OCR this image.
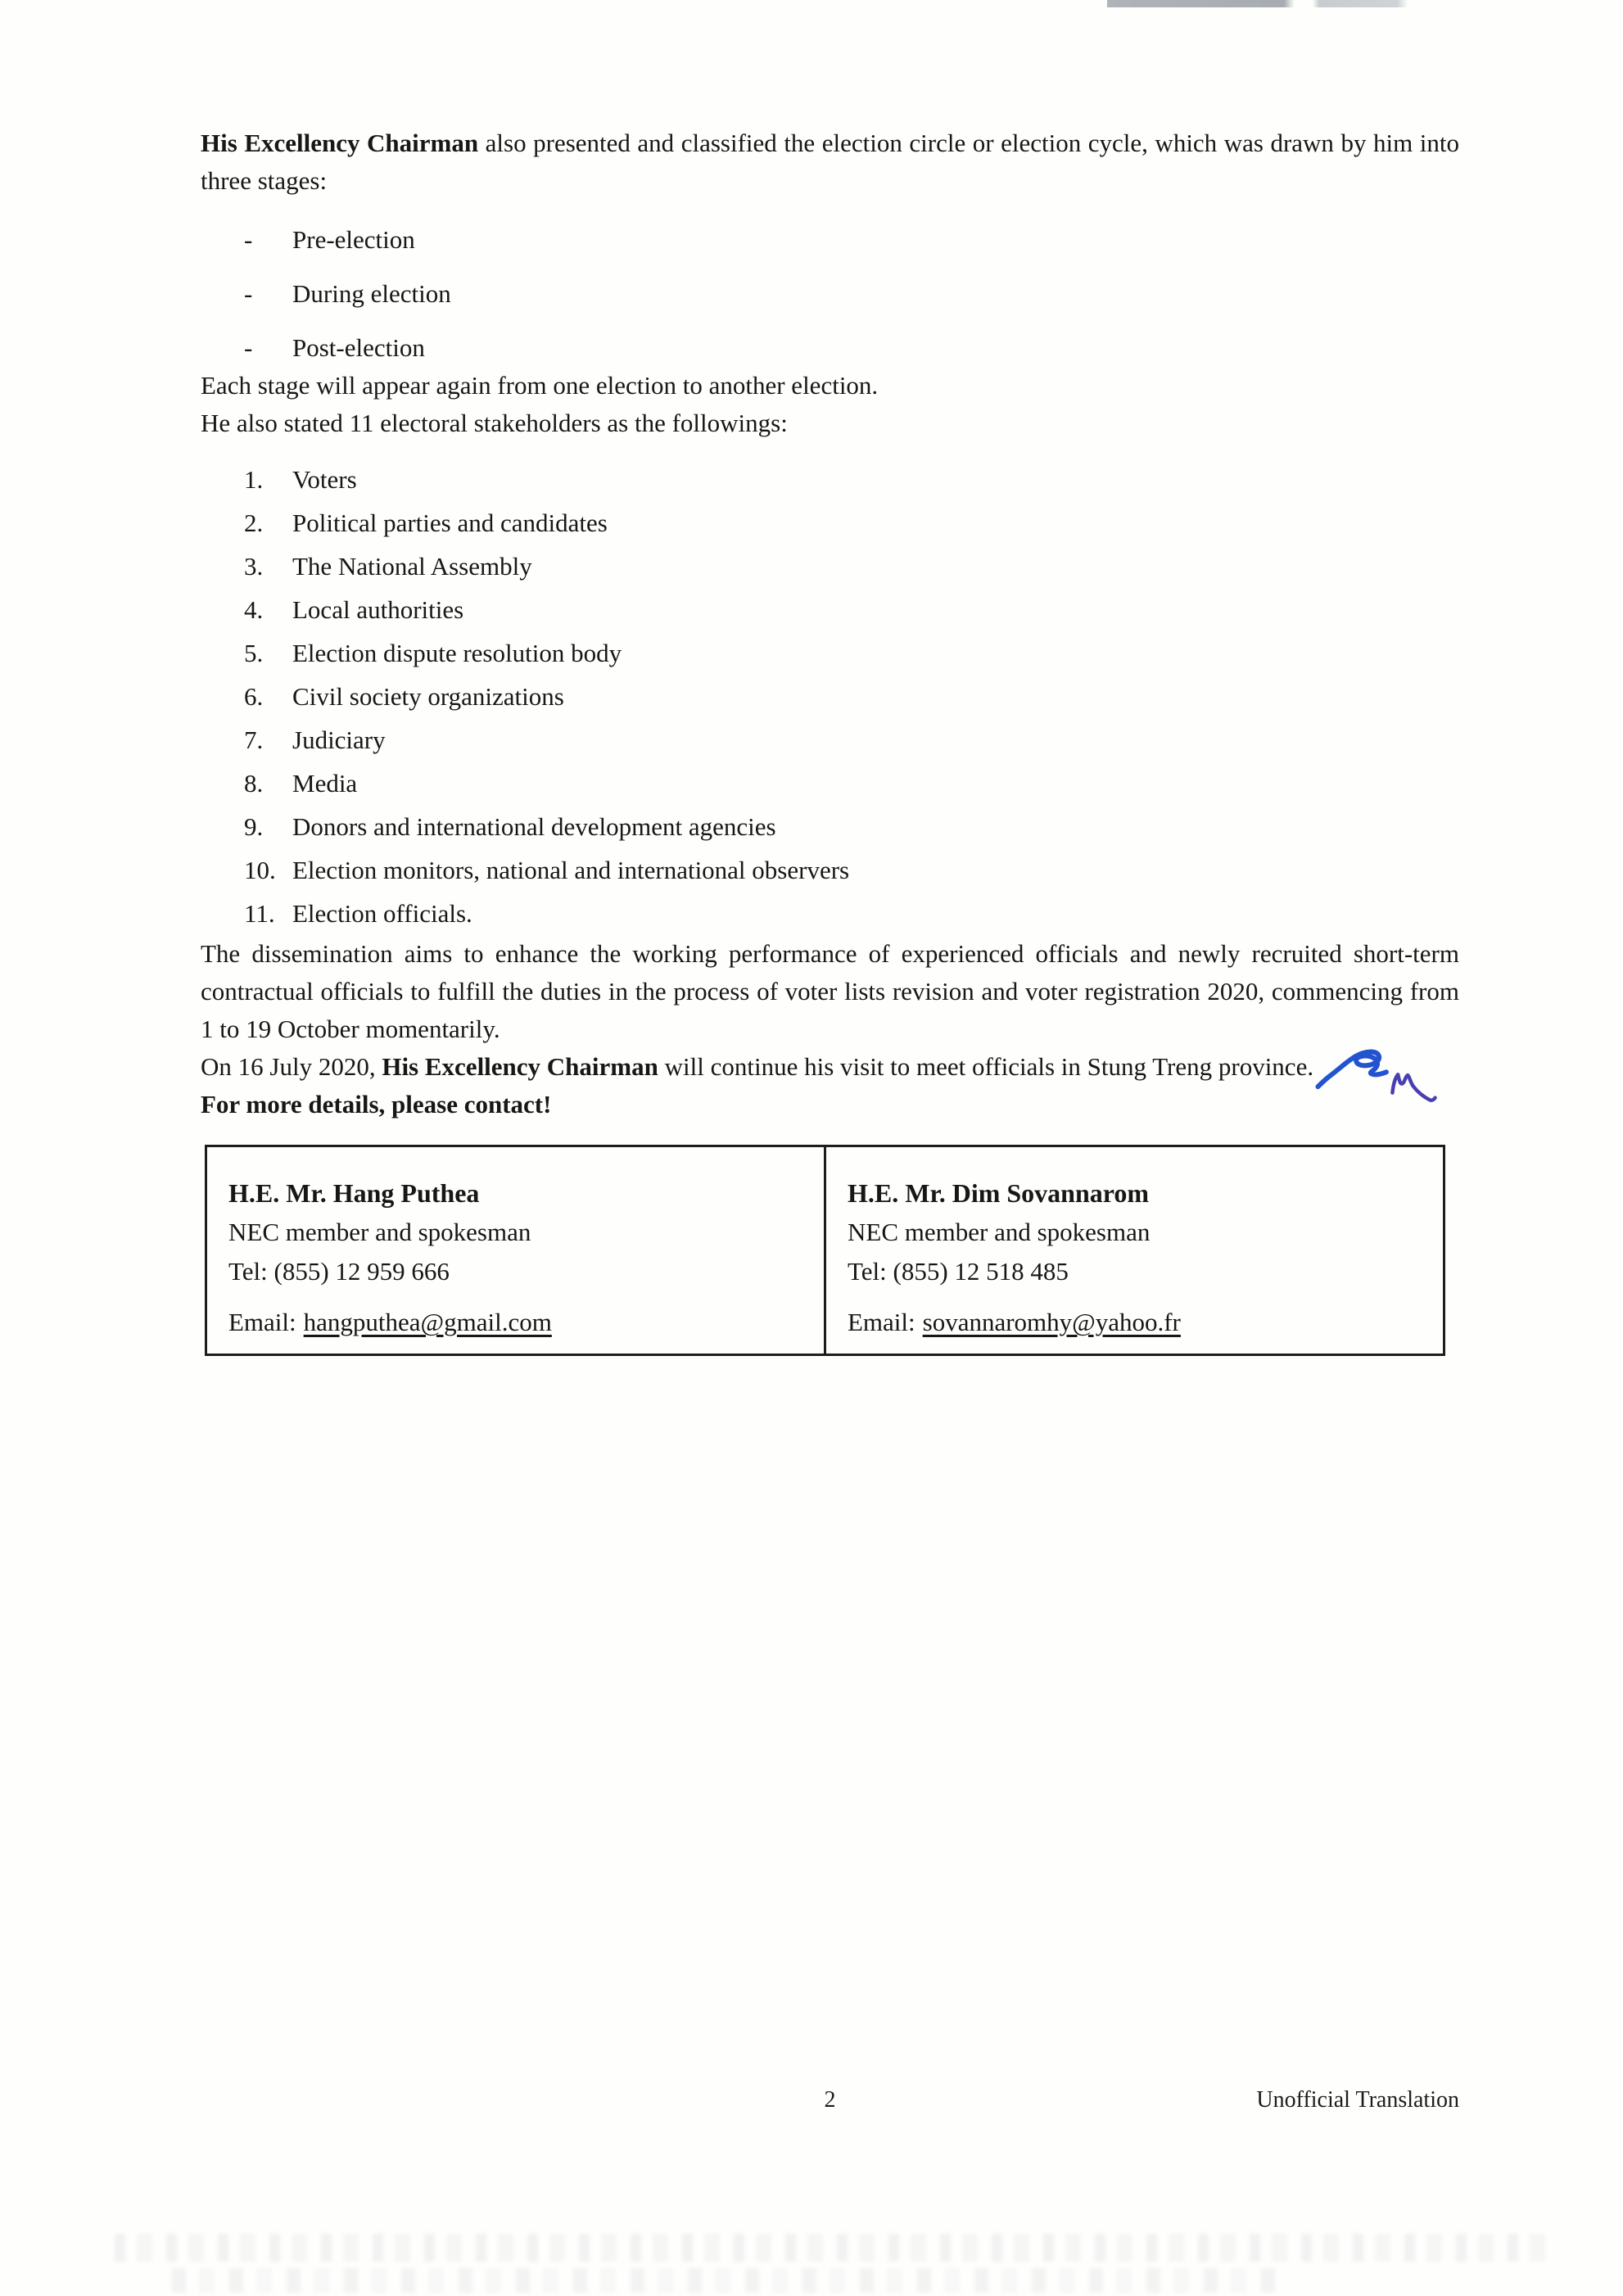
His Excellency Chairman also presented and classified the election circle or election cycle, which was drawn by him into three stages:

- Pre-election
- During election
- Post-election

Each stage will appear again from one election to another election.

He also stated 11 electoral stakeholders as the followings:

1. Voters
2. Political parties and candidates
3. The National Assembly
4. Local authorities
5. Election dispute resolution body
6. Civil society organizations
7. Judiciary
8. Media
9. Donors and international development agencies
10. Election monitors, national and international observers
11. Election officials.

The dissemination aims to enhance the working performance of experienced officials and newly recruited short-term contractual officials to fulfill the duties in the process of voter lists revision and voter registration 2020, commencing from 1 to 19 October momentarily.

On 16 July 2020, His Excellency Chairman will continue his visit to meet officials in Stung Treng province.

For more details, please contact!

H.E. Mr. Hang Puthea
NEC member and spokesman
Tel: (855) 12 959 666
Email: hangputhea@gmail.com

H.E. Mr. Dim Sovannarom
NEC member and spokesman
Tel: (855) 12 518 485
Email: sovannaromhy@yahoo.fr
2	Unofficial Translation
